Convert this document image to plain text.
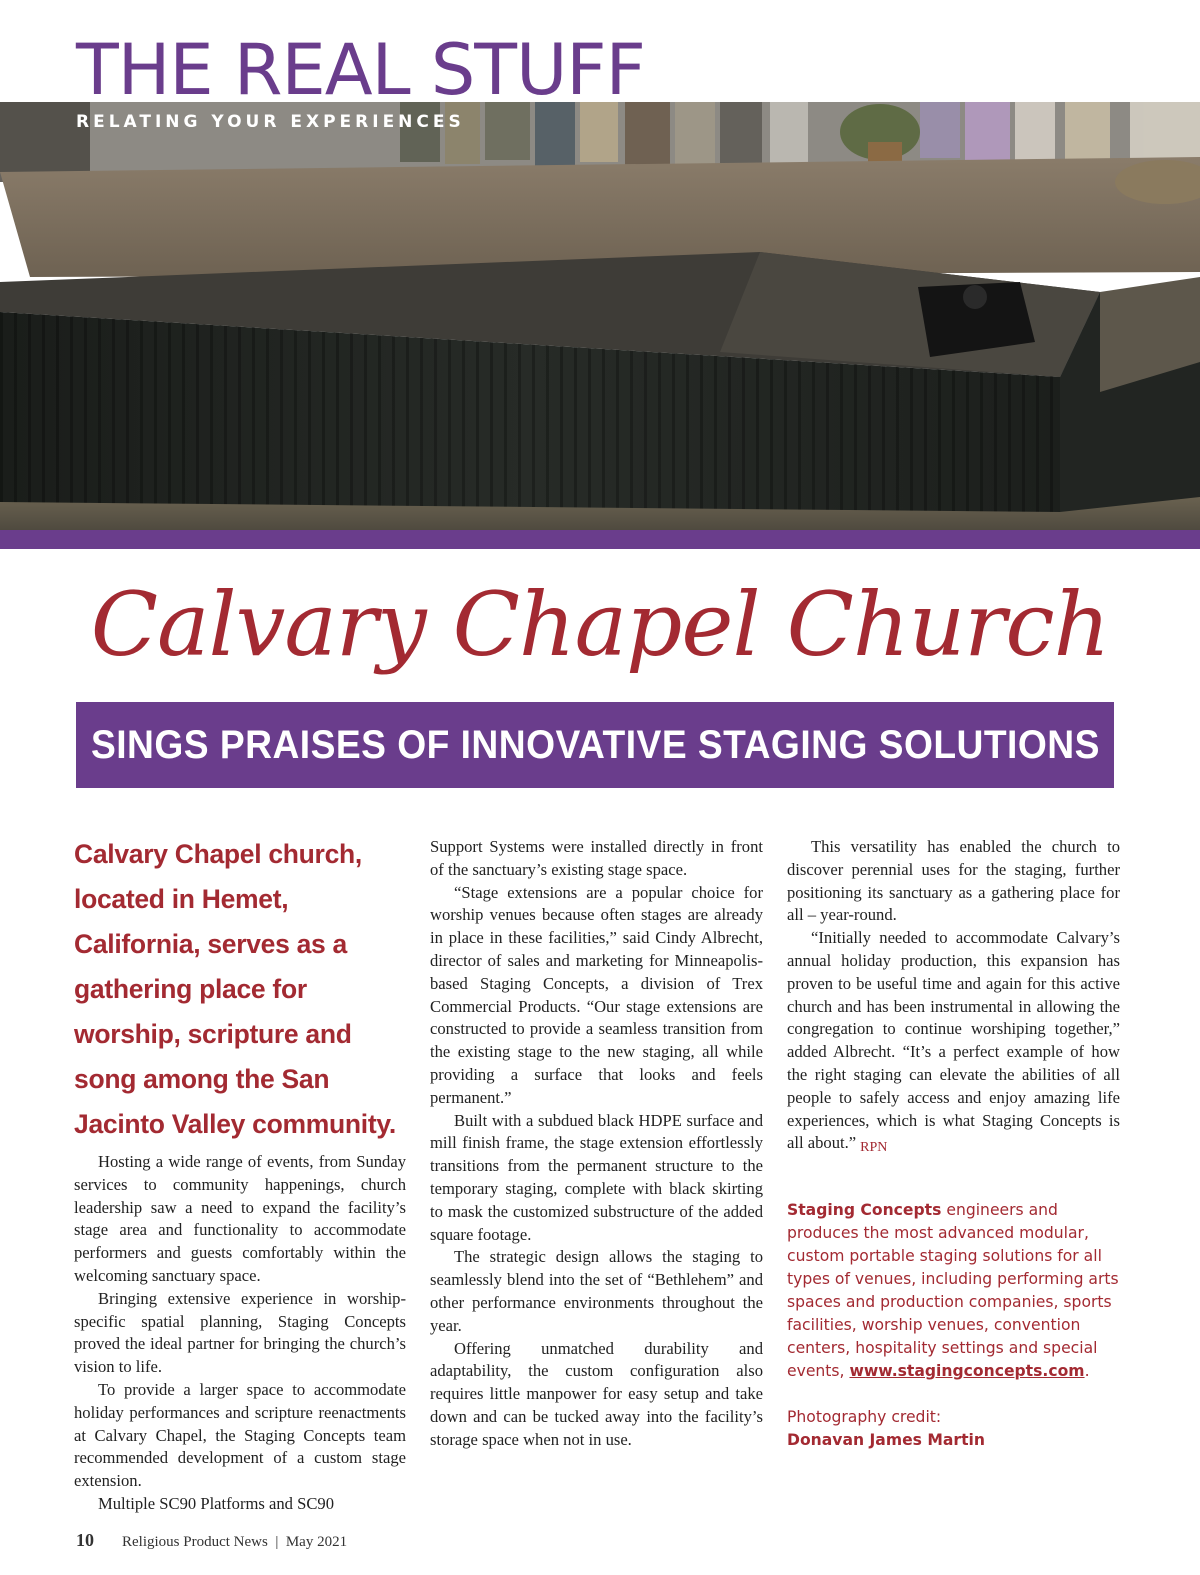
THE REAL STUFF
RELATING YOUR EXPERIENCES
Calvary Chapel Church
SINGS PRAISES OF INNOVATIVE STAGING SOLUTIONS
Calvary Chapel church, located in Hemet, California, serves as a gathering place for worship, scripture and song among the San Jacinto Valley community.

Hosting a wide range of events, from Sunday services to community happenings, church leadership saw a need to expand the facility’s stage area and functionality to accommodate performers and guests comfortably within the welcoming sanctuary space.

Bringing extensive experience in worship-specific spatial planning, Staging Concepts proved the ideal partner for bringing the church’s vision to life.

To provide a larger space to accommodate holiday performances and scripture reenactments at Calvary Chapel, the Staging Concepts team recommended development of a custom stage extension.

Multiple SC90 Platforms and SC90

Support Systems were installed directly in front of the sanctuary’s existing stage space.

“Stage extensions are a popular choice for worship venues because often stages are already in place in these facilities,” said Cindy Albrecht, director of sales and marketing for Minneapolis-based Staging Concepts, a division of Trex Commercial Products. “Our stage extensions are constructed to provide a seamless transition from the existing stage to the new staging, all while providing a surface that looks and feels permanent.”

Built with a subdued black HDPE surface and mill finish frame, the stage extension effortlessly transitions from the permanent structure to the temporary staging, complete with black skirting to mask the customized substructure of the added square footage.

The strategic design allows the staging to seamlessly blend into the set of “Bethlehem” and other performance environments throughout the year.

Offering unmatched durability and adaptability, the custom configuration also requires little manpower for easy setup and take down and can be tucked away into the facility’s storage space when not in use.

This versatility has enabled the church to discover perennial uses for the staging, further positioning its sanctuary as a gathering place for all – year-round.

“Initially needed to accommodate Calvary’s annual holiday production, this expansion has proven to be useful time and again for this active church and has been instrumental in allowing the congregation to continue worshiping together,” added Albrecht. “It’s a perfect example of how the right staging can elevate the abilities of all people to safely access and enjoy amazing life experiences, which is what Staging Concepts is all about.” RPN

Staging Concepts engineers and produces the most advanced modular, custom portable staging solutions for all types of venues, including performing arts spaces and production companies, sports facilities, worship venues, convention centers, hospitality settings and special events, www.stagingconcepts.com.
Photography credit:
Donavan James Martin
10 Religious Product News  |  May 2021
